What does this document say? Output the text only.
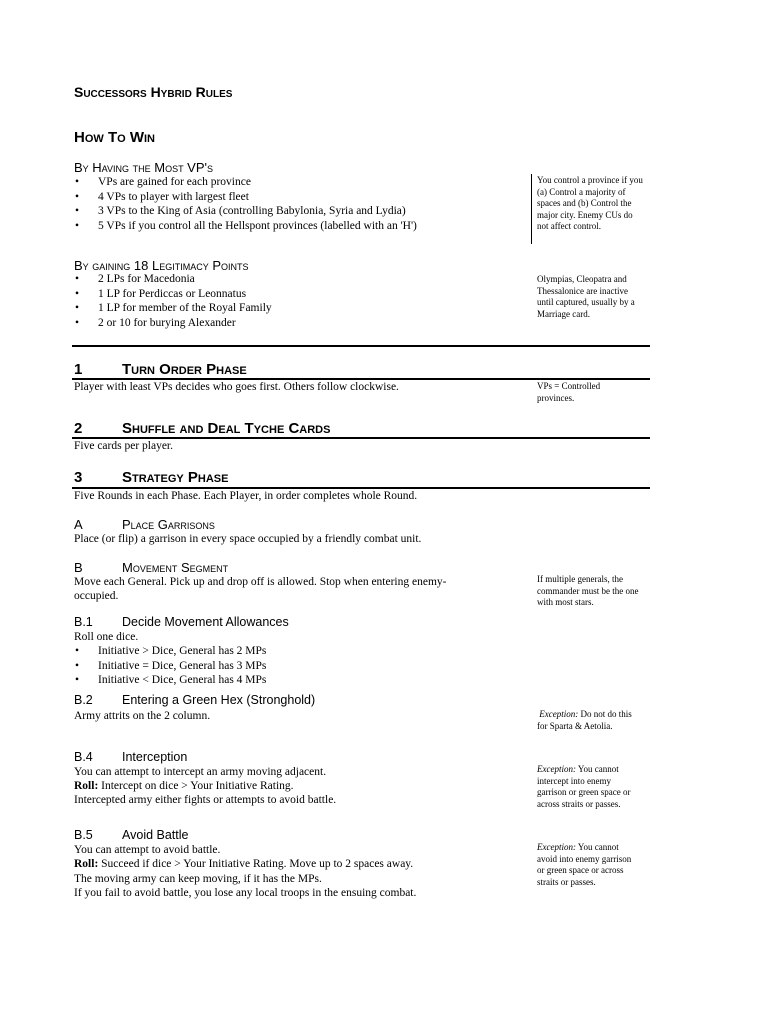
Successors Hybrid Rules
How To Win
By Having the Most VP's
• VPs are gained for each province
• 4 VPs to player with largest fleet
• 3 VPs to the King of Asia (controlling Babylonia, Syria and Lydia)
• 5 VPs if you control all the Hellspont provinces (labelled with an 'H')
You control a province if you (a) Control a majority of spaces and (b) Control the major city. Enemy CUs do not affect control.
By gaining 18 Legitimacy Points
• 2 LPs for Macedonia
• 1 LP for Perdiccas or Leonnatus
• 1 LP for member of the Royal Family
• 2 or 10 for burying Alexander
Olympias, Cleopatra and Thessalonice are inactive until captured, usually by a Marriage card.
1	Turn Order Phase
Player with least VPs decides who goes first. Others follow clockwise.	VPs = Controlled provinces.
2	Shuffle and Deal Tyche Cards
Five cards per player.
3	Strategy Phase
Five Rounds in each Phase. Each Player, in order completes whole Round.
A	Place Garrisons
Place (or flip) a garrison in every space occupied by a friendly combat unit.
B	Movement Segment
Move each General. Pick up and drop off is allowed. Stop when entering enemy-
occupied.
If multiple generals, the commander must be the one with most stars.
B.1 Decide Movement Allowances
Roll one dice.
• Initiative > Dice, General has 2 MPs
• Initiative = Dice, General has 3 MPs
• Initiative < Dice, General has 4 MPs
B.2 Entering a Green Hex (Stronghold)
Army attrits on the 2 column.	Exception: Do not do this for Sparta & Aetolia.
B.4 Interception
You can attempt to intercept an army moving adjacent.
Roll: Intercept on dice > Your Initiative Rating.
Intercepted army either fights or attempts to avoid battle.
Exception: You cannot intercept into enemy garrison or green space or across straits or passes.
B.5 Avoid Battle
You can attempt to avoid battle.
Roll: Succeed if dice > Your Initiative Rating. Move up to 2 spaces away.
The moving army can keep moving, if it has the MPs.
If you fail to avoid battle, you lose any local troops in the ensuing combat.
Exception: You cannot avoid into enemy garrison or green space or across straits or passes.
